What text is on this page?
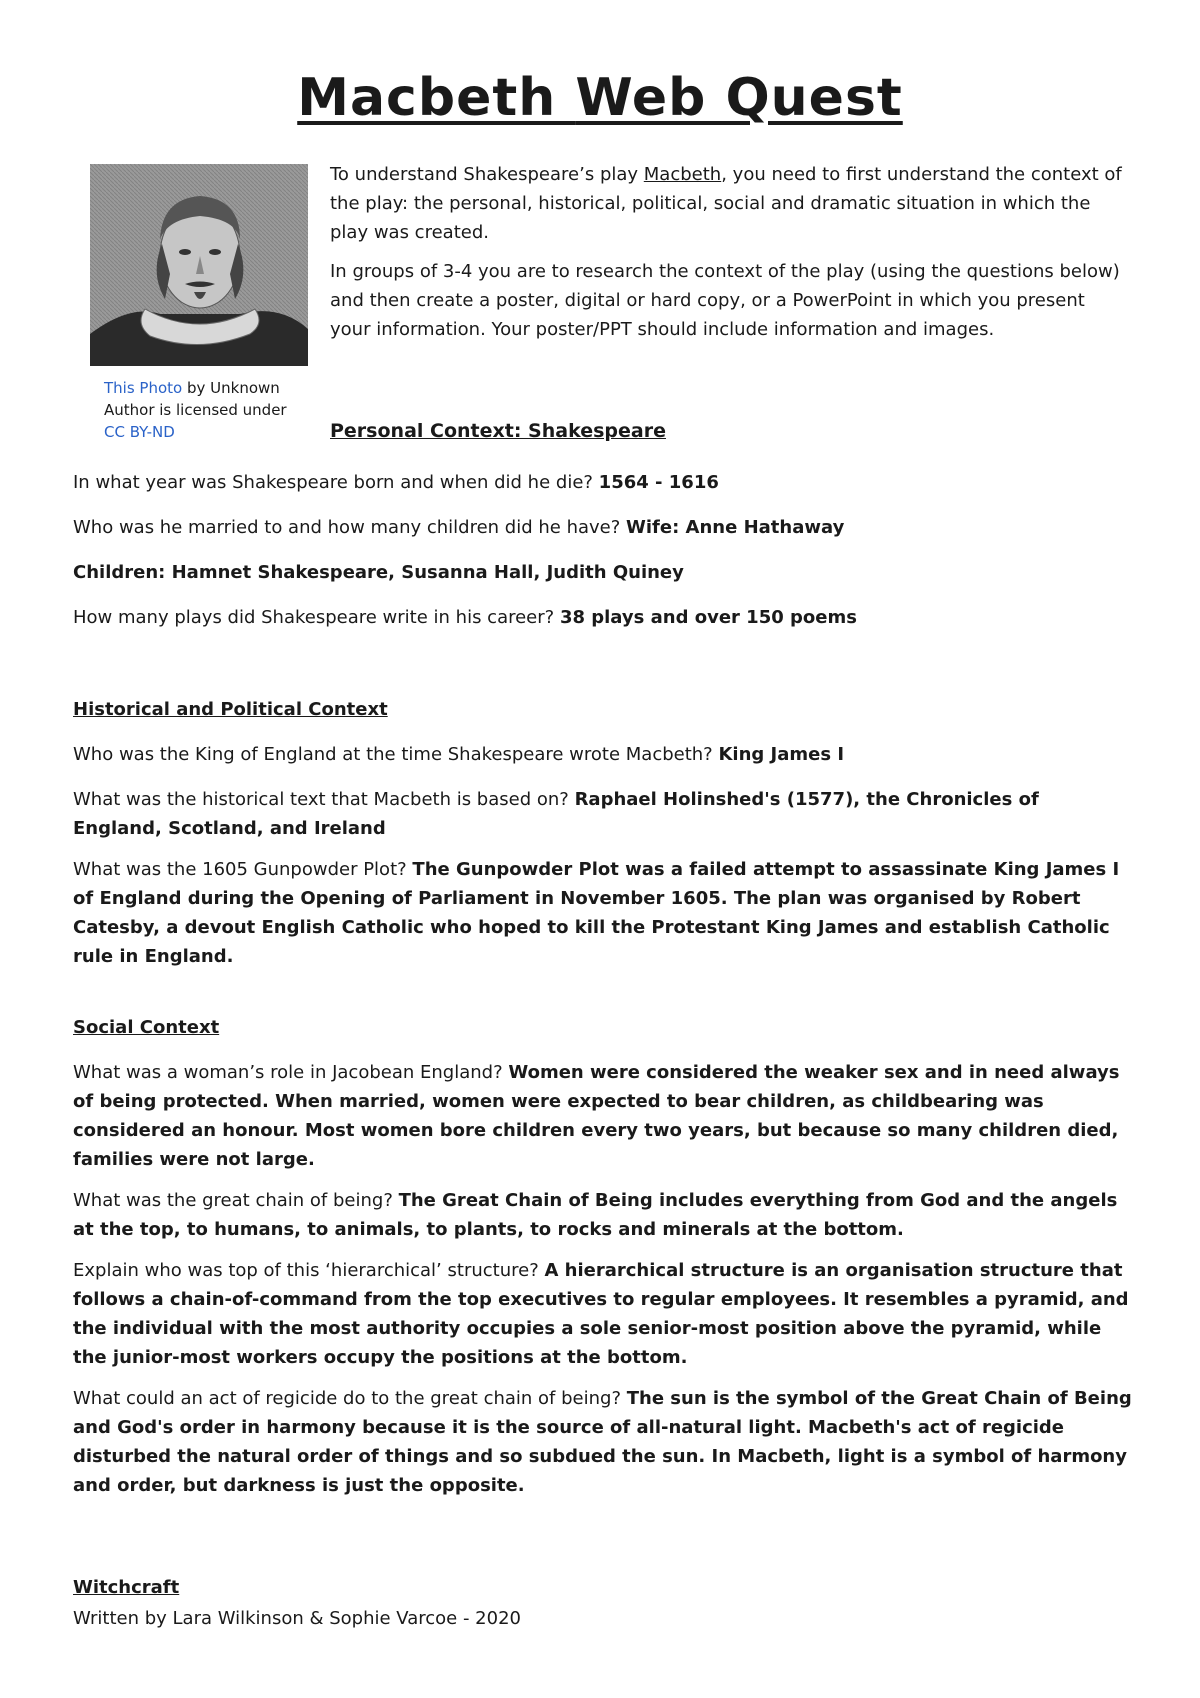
Macbeth Web Quest
This Photo by Unknown Author is licensed under CC BY-ND

To understand Shakespeare’s play Macbeth, you need to first understand the context of the play: the personal, historical, political, social and dramatic situation in which the play was created.

In groups of 3-4 you are to research the context of the play (using the questions below) and then create a poster, digital or hard copy, or a PowerPoint in which you present your information. Your poster/PPT should include information and images.

Personal Context: Shakespeare

In what year was Shakespeare born and when did he die? 1564 - 1616

Who was he married to and how many children did he have? Wife: Anne Hathaway

Children: Hamnet Shakespeare, Susanna Hall, Judith Quiney

How many plays did Shakespeare write in his career? 38 plays and over 150 poems

Historical and Political Context

Who was the King of England at the time Shakespeare wrote Macbeth? King James I

What was the historical text that Macbeth is based on? Raphael Holinshed's (1577), the Chronicles of England, Scotland, and Ireland

What was the 1605 Gunpowder Plot? The Gunpowder Plot was a failed attempt to assassinate King James I of England during the Opening of Parliament in November 1605. The plan was organised by Robert Catesby, a devout English Catholic who hoped to kill the Protestant King James and establish Catholic rule in England.

Social Context

What was a woman’s role in Jacobean England? Women were considered the weaker sex and in need always of being protected. When married, women were expected to bear children, as childbearing was considered an honour. Most women bore children every two years, but because so many children died, families were not large.

What was the great chain of being? The Great Chain of Being includes everything from God and the angels at the top, to humans, to animals, to plants, to rocks and minerals at the bottom.

Explain who was top of this ‘hierarchical’ structure? A hierarchical structure is an organisation structure that follows a chain-of-command from the top executives to regular employees. It resembles a pyramid, and the individual with the most authority occupies a sole senior-most position above the pyramid, while the junior-most workers occupy the positions at the bottom.

What could an act of regicide do to the great chain of being? The sun is the symbol of the Great Chain of Being and God's order in harmony because it is the source of all-natural light. Macbeth's act of regicide disturbed the natural order of things and so subdued the sun. In Macbeth, light is a symbol of harmony and order, but darkness is just the opposite.

Witchcraft

Written by Lara Wilkinson & Sophie Varcoe - 2020
